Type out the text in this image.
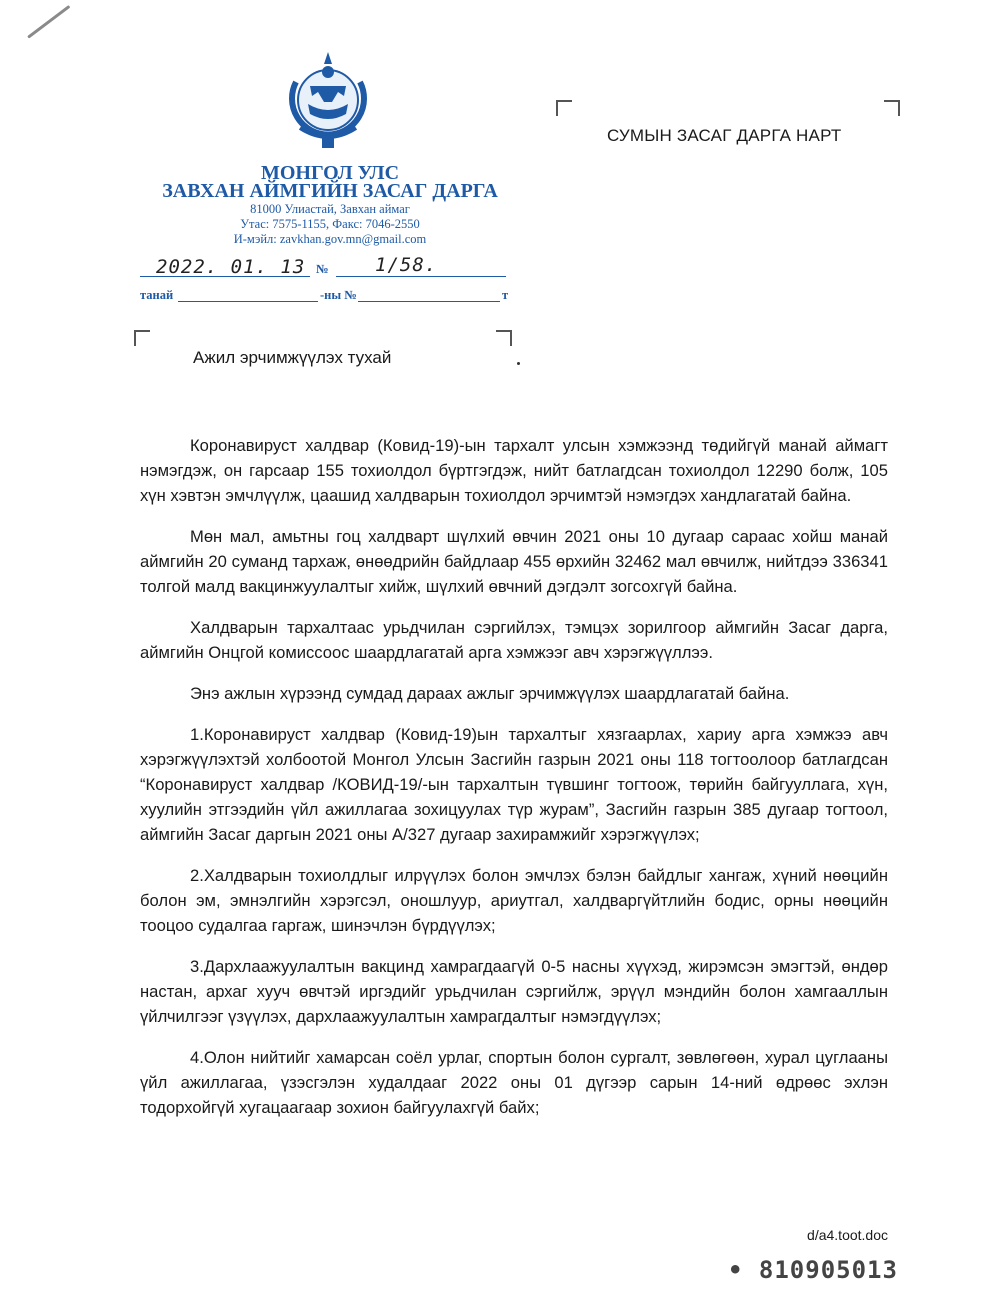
МОНГОЛ УЛС
ЗАВХАН АЙМГИЙН ЗАСАГ ДАРГА
81000 Улиастай, Завхан аймаг
Утас: 7575-1155, Факс: 7046-2550
И-мэйл: zavkhan.gov.mn@gmail.com
2022. 01. 13 № 1/58.
танай	-ны №	т
СУМЫН ЗАСАГ ДАРГА НАРТ
Ажил эрчимжүүлэх тухай

Коронавируст халдвар (Ковид-19)-ын тархалт улсын хэмжээнд төдийгүй манай аймагт нэмэгдэж, он гарсаар 155 тохиолдол бүртгэгдэж, нийт батлагдсан тохиолдол 12290 болж, 105 хүн хэвтэн эмчлүүлж, цаашид халдварын тохиолдол эрчимтэй нэмэгдэх хандлагатай байна.

Мөн мал, амьтны гоц халдварт шүлхий өвчин 2021 оны 10 дугаар сараас хойш манай аймгийн 20 суманд тархаж, өнөөдрийн байдлаар 455 өрхийн 32462 мал өвчилж, нийтдээ 336341 толгой малд вакцинжуулалтыг хийж, шүлхий өвчний дэгдэлт зогсохгүй байна.

Халдварын тархалтаас урьдчилан сэргийлэх, тэмцэх зорилгоор аймгийн Засаг дарга, аймгийн Онцгой комиссоос шаардлагатай арга хэмжээг авч хэрэгжүүллээ.

Энэ ажлын хүрээнд сумдад дараах ажлыг эрчимжүүлэх шаардлагатай байна.

1.Коронавируст халдвар (Ковид-19)ын тархалтыг хязгаарлах, хариу арга хэмжээ авч хэрэгжүүлэхтэй холбоотой Монгол Улсын Засгийн газрын 2021 оны 118 тогтоолоор батлагдсан “Коронавируст халдвар /КОВИД-19/-ын тархалтын түвшинг тогтоож, төрийн байгууллага, хүн, хуулийн этгээдийн үйл ажиллагаа зохицуулах түр журам”, Засгийн газрын 385 дугаар тогтоол, аймгийн Засаг даргын 2021 оны А/327 дугаар захирамжийг хэрэгжүүлэх;

2.Халдварын тохиолдлыг илрүүлэх болон эмчлэх бэлэн байдлыг хангаж, хүний нөөцийн болон эм, эмнэлгийн хэрэгсэл, оношлуур, ариутгал, халдваргүйтлийн бодис, орны нөөцийн тооцоо судалгаа гаргаж, шинэчлэн бүрдүүлэх;

3.Дархлаажуулалтын вакцинд хамрагдаагүй 0-5 насны хүүхэд, жирэмсэн эмэгтэй, өндөр настан, архаг хууч өвчтэй иргэдийг урьдчилан сэргийлж, эрүүл мэндийн болон хамгааллын үйлчилгээг үзүүлэх, дархлаажуулалтын хамрагдалтыг нэмэгдүүлэх;

4.Олон нийтийг хамарсан соёл урлаг, спортын болон сургалт, зөвлөгөөн, хурал цуглааны үйл ажиллагаа, үзэсгэлэн худалдааг 2022 оны 01 дүгээр сарын 14-ний өдрөөс эхлэн тодорхойгүй хугацаагаар зохион байгуулахгүй байх;

d/a4.toot.doc
• 810905013
